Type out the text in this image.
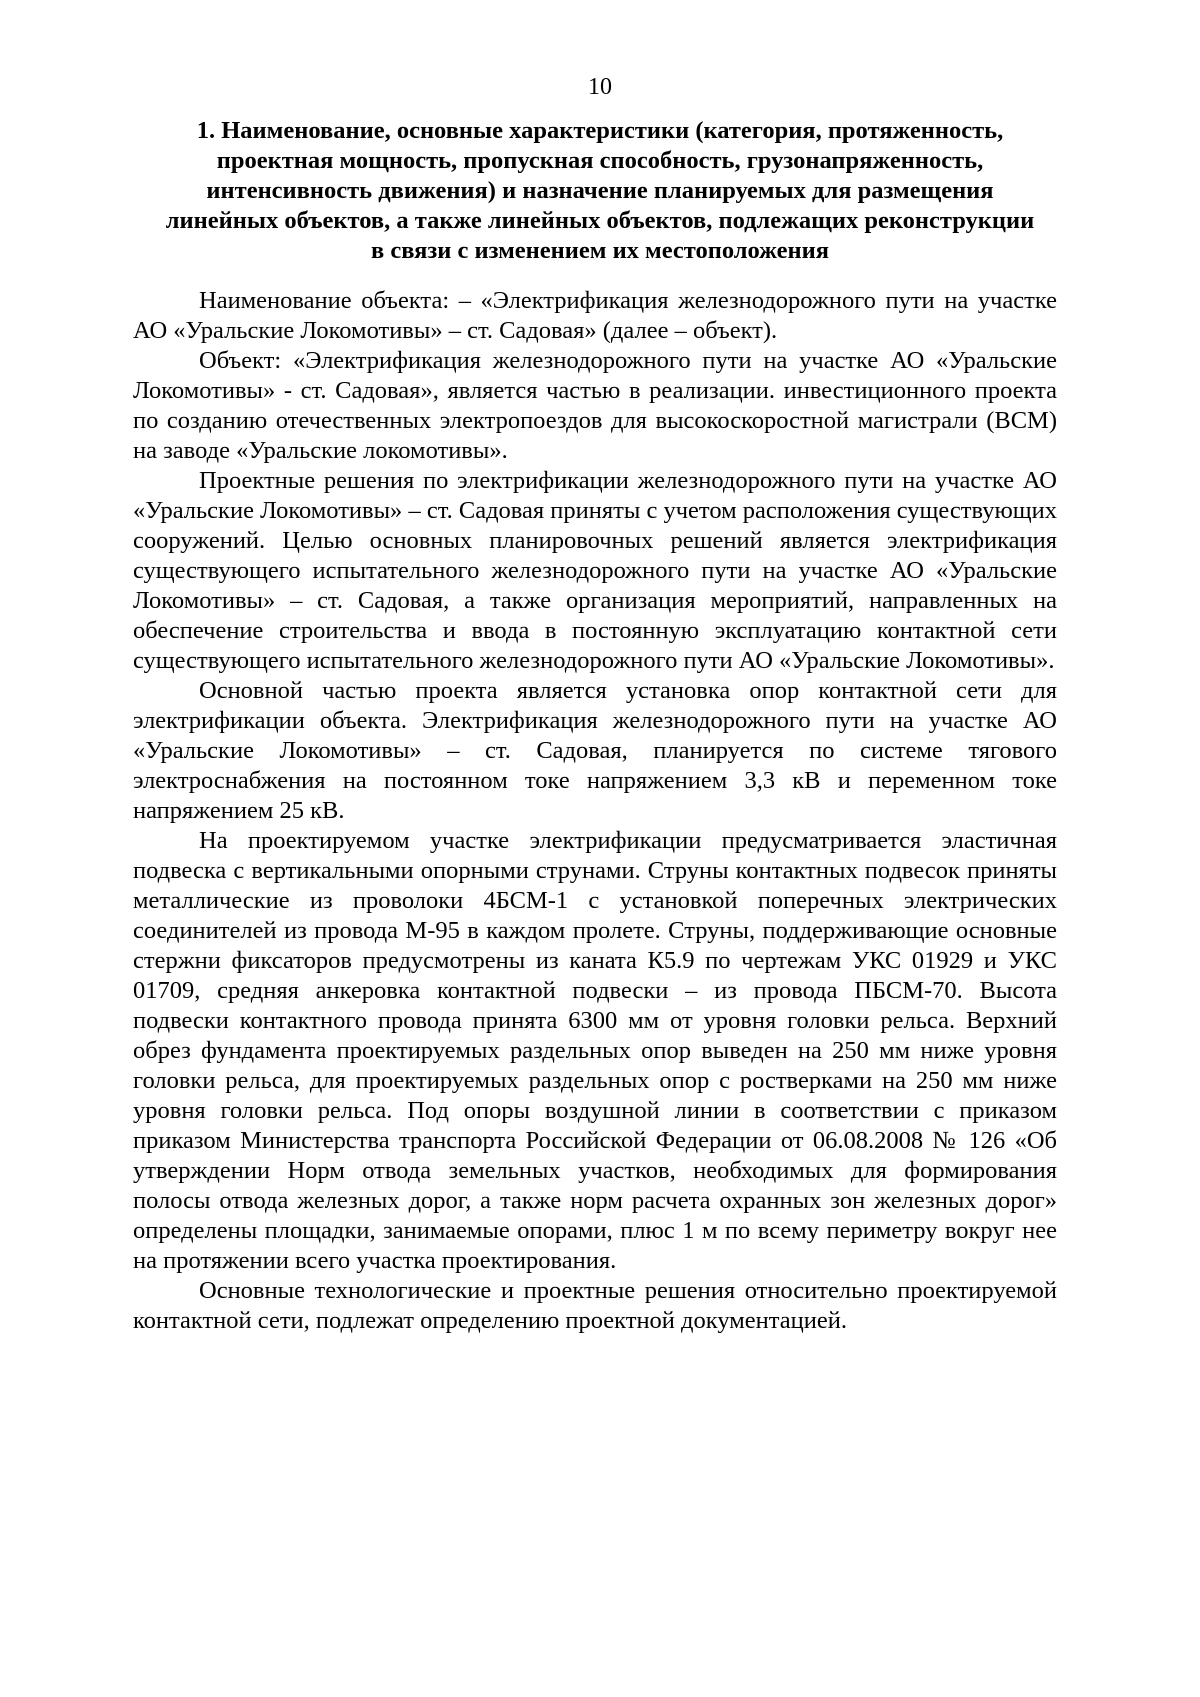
10
1. Наименование, основные характеристики (категория, протяженность, проектная мощность, пропускная способность, грузонапряженность, интенсивность движения) и назначение планируемых для размещения линейных объектов, а также линейных объектов, подлежащих реконструкции в связи с изменением их местоположения

Наименование объекта: – «Электрификация железнодорожного пути на участке АО «Уральские Локомотивы» – ст. Садовая» (далее – объект).

Объект: «Электрификация железнодорожного пути на участке АО «Уральские Локомотивы» - ст. Садовая», является частью в реализации. инвестиционного проекта по созданию отечественных электропоездов для высокоскоростной магистрали (ВСМ) на заводе «Уральские локомотивы».

Проектные решения по электрификации железнодорожного пути на участке АО «Уральские Локомотивы» – ст. Садовая приняты с учетом расположения существующих сооружений. Целью основных планировочных решений является электрификация существующего испытательного железнодорожного пути на участке АО «Уральские Локомотивы» – ст. Садовая, а также организация мероприятий, направленных на обеспечение строительства и ввода в постоянную эксплуатацию контактной сети существующего испытательного железнодорожного пути АО «Уральские Локомотивы».

Основной частью проекта является установка опор контактной сети для электрификации объекта. Электрификация железнодорожного пути на участке АО «Уральские Локомотивы» – ст. Садовая, планируется по системе тягового электроснабжения на постоянном токе напряжением 3,3 кВ и переменном токе напряжением 25 кВ.

На проектируемом участке электрификации предусматривается эластичная подвеска с вертикальными опорными струнами. Струны контактных подвесок приняты металлические из проволоки 4БСМ-1 с установкой поперечных электрических соединителей из провода М-95 в каждом пролете. Струны, поддерживающие основные стержни фиксаторов предусмотрены из каната К5.9 по чертежам УКС 01929 и УКС 01709, средняя анкеровка контактной подвески – из провода ПБСМ-70. Высота подвески контактного провода принята 6300 мм от уровня головки рельса. Верхний обрез фундамента проектируемых раздельных опор выведен на 250 мм ниже уровня головки рельса, для проектируемых раздельных опор с ростверками на 250 мм ниже уровня головки рельса. Под опоры воздушной линии в соответствии с приказом приказом Министерства транспорта Российской Федерации от 06.08.2008 № 126 «Об утверждении Норм отвода земельных участков, необходимых для формирования полосы отвода железных дорог, а также норм расчета охранных зон железных дорог» определены площадки, занимаемые опорами, плюс 1 м по всему периметру вокруг нее на протяжении всего участка проектирования.

Основные технологические и проектные решения относительно проектируемой контактной сети, подлежат определению проектной документацией.
